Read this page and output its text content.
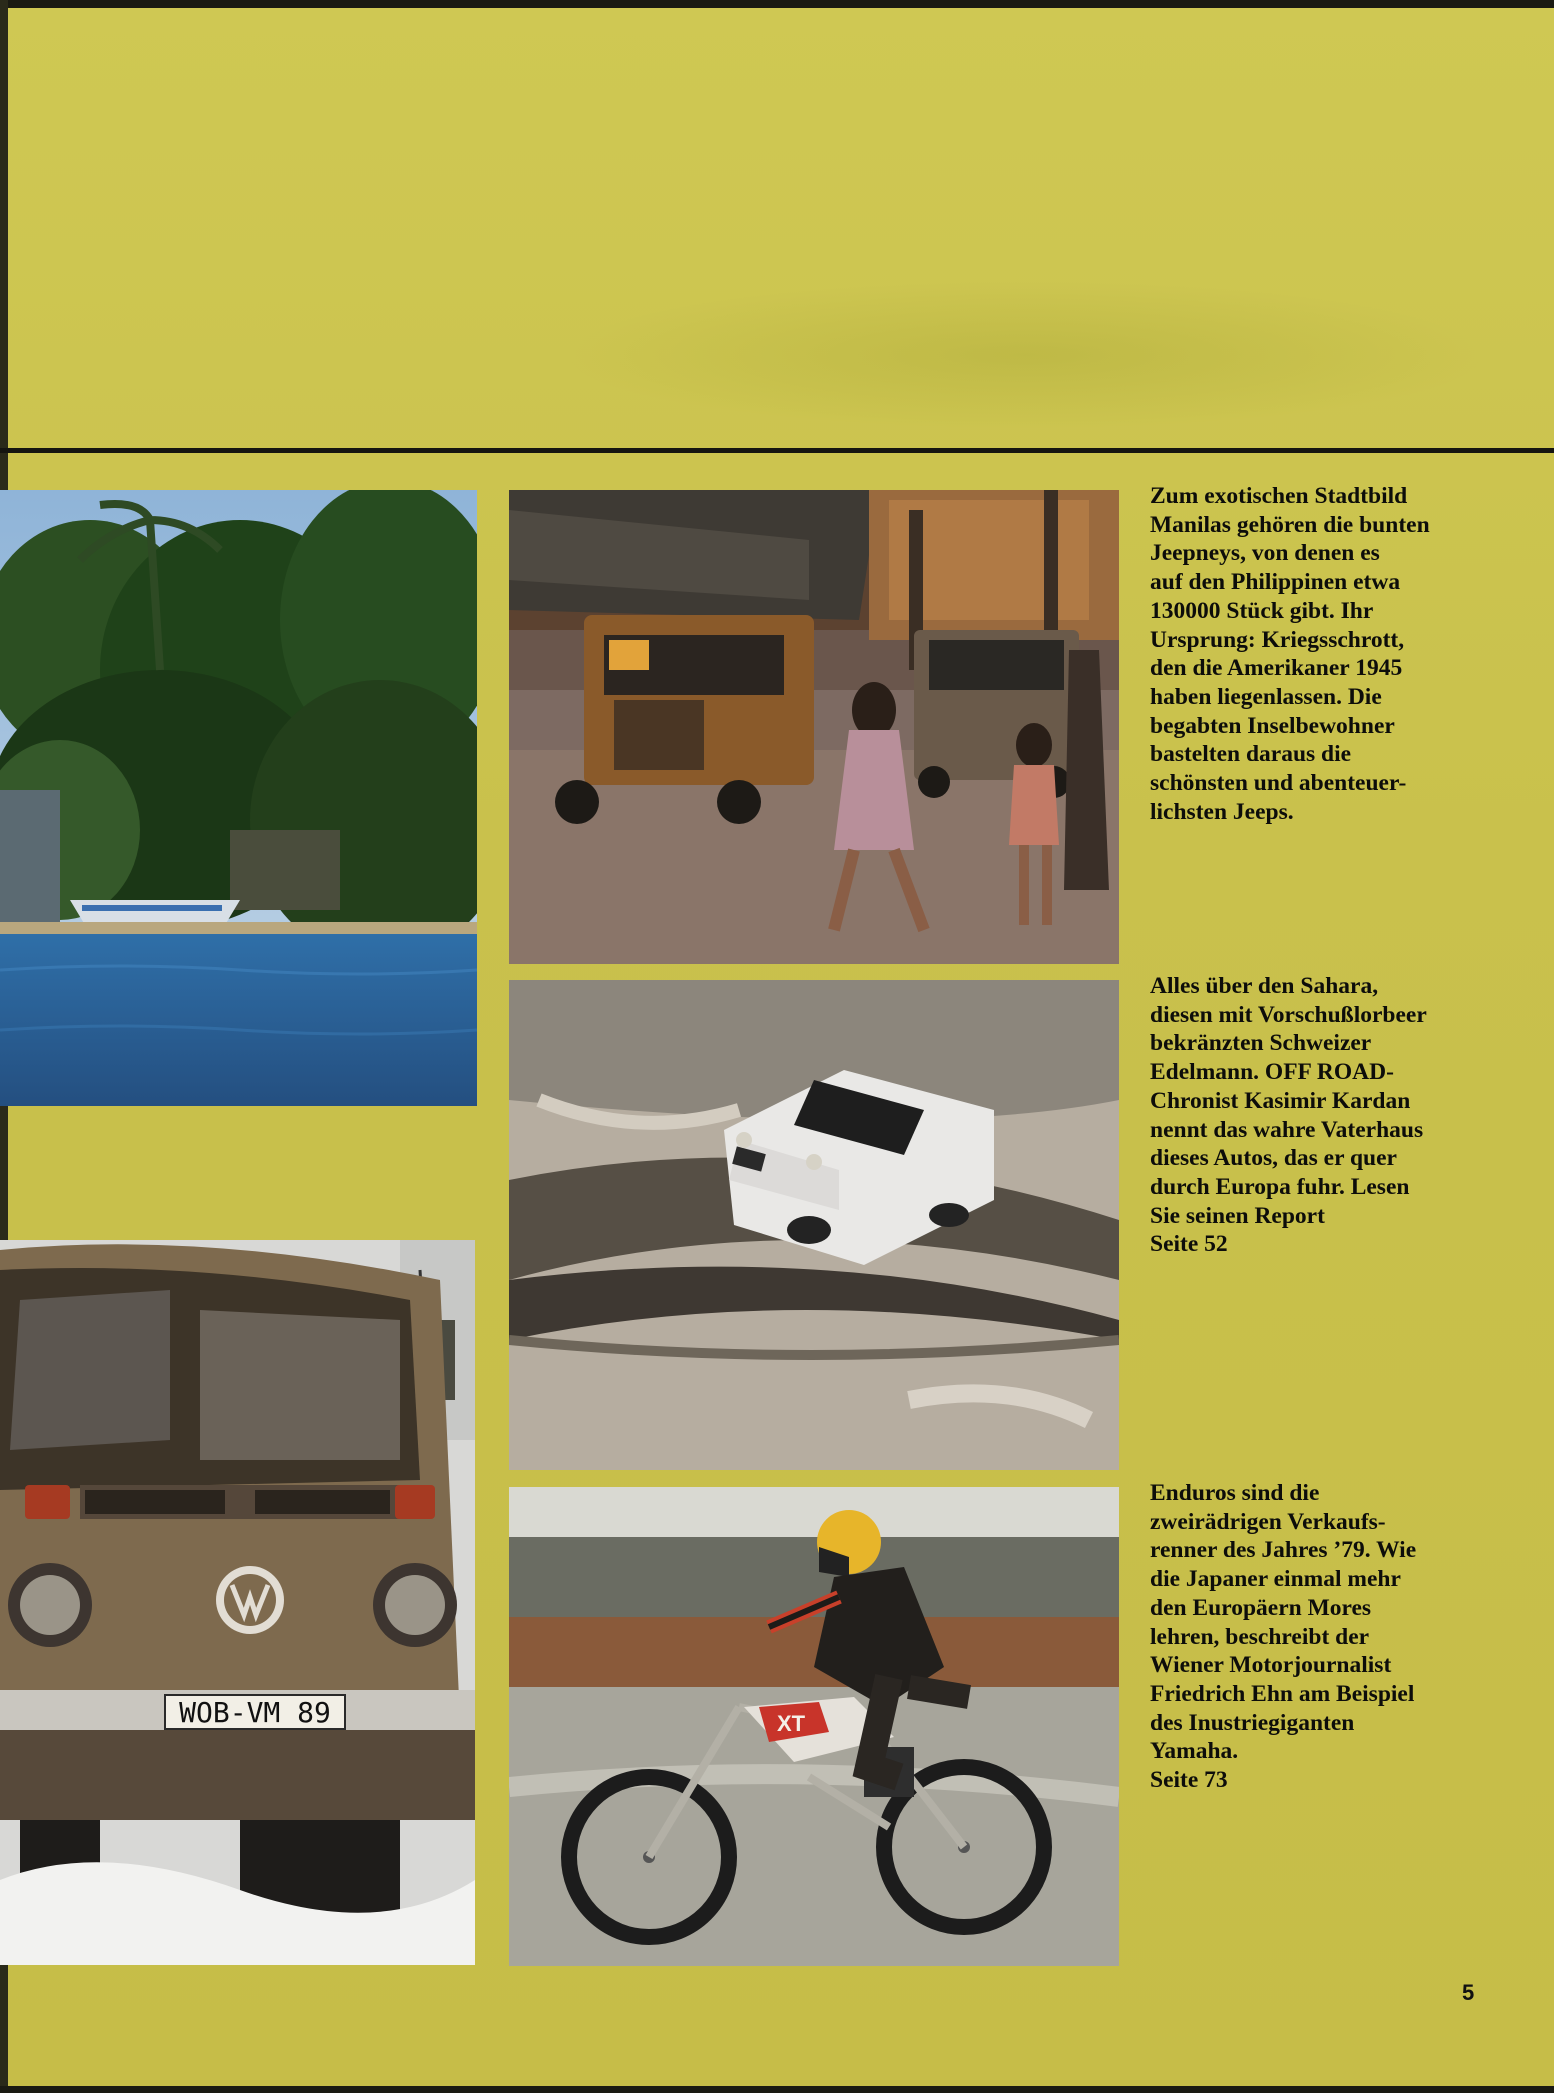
WOB-VM 89	XT

Zum exotischen Stadtbild
Manilas gehören die bunten
Jeepneys, von denen es
auf den Philippinen etwa
130000 Stück gibt. Ihr
Ursprung: Kriegsschrott,
den die Amerikaner 1945
haben liegenlassen. Die
begabten Inselbewohner
bastelten daraus die
schönsten und abenteuer-
lichsten Jeeps.

Alles über den Sahara,
diesen mit Vorschußlorbeer
bekränzten Schweizer
Edelmann. OFF ROAD-
Chronist Kasimir Kardan
nennt das wahre Vaterhaus
dieses Autos, das er quer
durch Europa fuhr. Lesen
Sie seinen Report
Seite 52

Enduros sind die
zweirädrigen Verkaufs-
renner des Jahres ’79. Wie
die Japaner einmal mehr
den Europäern Mores
lehren, beschreibt der
Wiener Motorjournalist
Friedrich Ehn am Beispiel
des Inustriegiganten
Yamaha.
Seite 73

5
